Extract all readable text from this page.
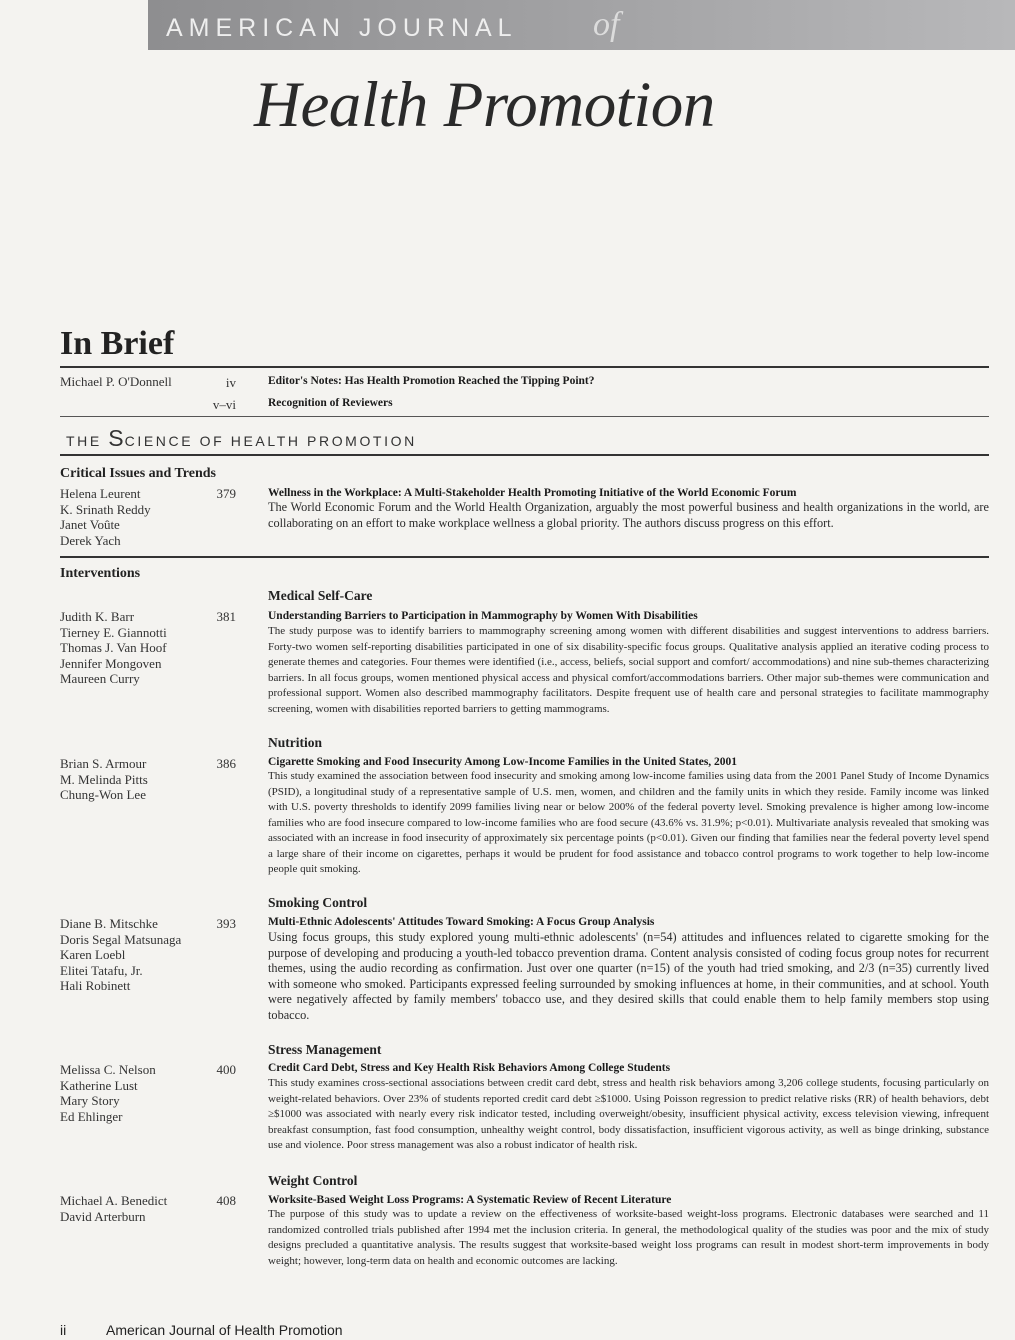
AMERICAN JOURNAL of
Health Promotion
In Brief
Michael P. O'Donnell	iv	Editor's Notes: Has Health Promotion Reached the Tipping Point?
v–vi	Recognition of Reviewers
THE SCIENCE OF HEALTH PROMOTION
Critical Issues and Trends
Helena Leurent
K. Srinath Reddy
Janet Voûte
Derek Yach
379	Wellness in the Workplace: A Multi-Stakeholder Health Promoting Initiative of the World Economic Forum

The World Economic Forum and the World Health Organization, arguably the most powerful business and health organizations in the world, are collaborating on an effort to make workplace wellness a global priority. The authors discuss progress on this effort.

Interventions
Medical Self-Care
Judith K. Barr
Tierney E. Giannotti
Thomas J. Van Hoof
Jennifer Mongoven
Maureen Curry
381	Understanding Barriers to Participation in Mammography by Women With Disabilities

The study purpose was to identify barriers to mammography screening among women with different disabilities and suggest interventions to address barriers. Forty-two women self-reporting disabilities participated in one of six disability-specific focus groups. Qualitative analysis applied an iterative coding process to generate themes and categories. Four themes were identified (i.e., access, beliefs, social support and comfort/ accommodations) and nine sub-themes characterizing barriers. In all focus groups, women mentioned physical access and physical comfort/accommodations barriers. Other major sub-themes were communication and professional support. Women also described mammography facilitators. Despite frequent use of health care and personal strategies to facilitate mammography screening, women with disabilities reported barriers to getting mammograms.

Nutrition
Brian S. Armour
M. Melinda Pitts
Chung-Won Lee
386	Cigarette Smoking and Food Insecurity Among Low-Income Families in the United States, 2001

This study examined the association between food insecurity and smoking among low-income families using data from the 2001 Panel Study of Income Dynamics (PSID), a longitudinal study of a representative sample of U.S. men, women, and children and the family units in which they reside. Family income was linked with U.S. poverty thresholds to identify 2099 families living near or below 200% of the federal poverty level. Smoking prevalence is higher among low-income families who are food insecure compared to low-income families who are food secure (43.6% vs. 31.9%; p<0.01). Multivariate analysis revealed that smoking was associated with an increase in food insecurity of approximately six percentage points (p<0.01). Given our finding that families near the federal poverty level spend a large share of their income on cigarettes, perhaps it would be prudent for food assistance and tobacco control programs to work together to help low-income people quit smoking.

Smoking Control
Diane B. Mitschke
Doris Segal Matsunaga
Karen Loebl
Elitei Tatafu, Jr.
Hali Robinett
393	Multi-Ethnic Adolescents' Attitudes Toward Smoking: A Focus Group Analysis

Using focus groups, this study explored young multi-ethnic adolescents' (n=54) attitudes and influences related to cigarette smoking for the purpose of developing and producing a youth-led tobacco prevention drama. Content analysis consisted of coding focus group notes for recurrent themes, using the audio recording as confirmation. Just over one quarter (n=15) of the youth had tried smoking, and 2/3 (n=35) currently lived with someone who smoked. Participants expressed feeling surrounded by smoking influences at home, in their communities, and at school. Youth were negatively affected by family members' tobacco use, and they desired skills that could enable them to help family members stop using tobacco.

Stress Management
Melissa C. Nelson
Katherine Lust
Mary Story
Ed Ehlinger
400	Credit Card Debt, Stress and Key Health Risk Behaviors Among College Students

This study examines cross-sectional associations between credit card debt, stress and health risk behaviors among 3,206 college students, focusing particularly on weight-related behaviors. Over 23% of students reported credit card debt ≥$1000. Using Poisson regression to predict relative risks (RR) of health behaviors, debt ≥$1000 was associated with nearly every risk indicator tested, including overweight/obesity, insufficient physical activity, excess television viewing, infrequent breakfast consumption, fast food consumption, unhealthy weight control, body dissatisfaction, insufficient vigorous activity, as well as binge drinking, substance use and violence. Poor stress management was also a robust indicator of health risk.

Weight Control
Michael A. Benedict
David Arterburn
408	Worksite-Based Weight Loss Programs: A Systematic Review of Recent Literature

The purpose of this study was to update a review on the effectiveness of worksite-based weight-loss programs. Electronic databases were searched and 11 randomized controlled trials published after 1994 met the inclusion criteria. In general, the methodological quality of the studies was poor and the mix of study designs precluded a quantitative analysis. The results suggest that worksite-based weight loss programs can result in modest short-term improvements in body weight; however, long-term data on health and economic outcomes are lacking.

ii	American Journal of Health Promotion
